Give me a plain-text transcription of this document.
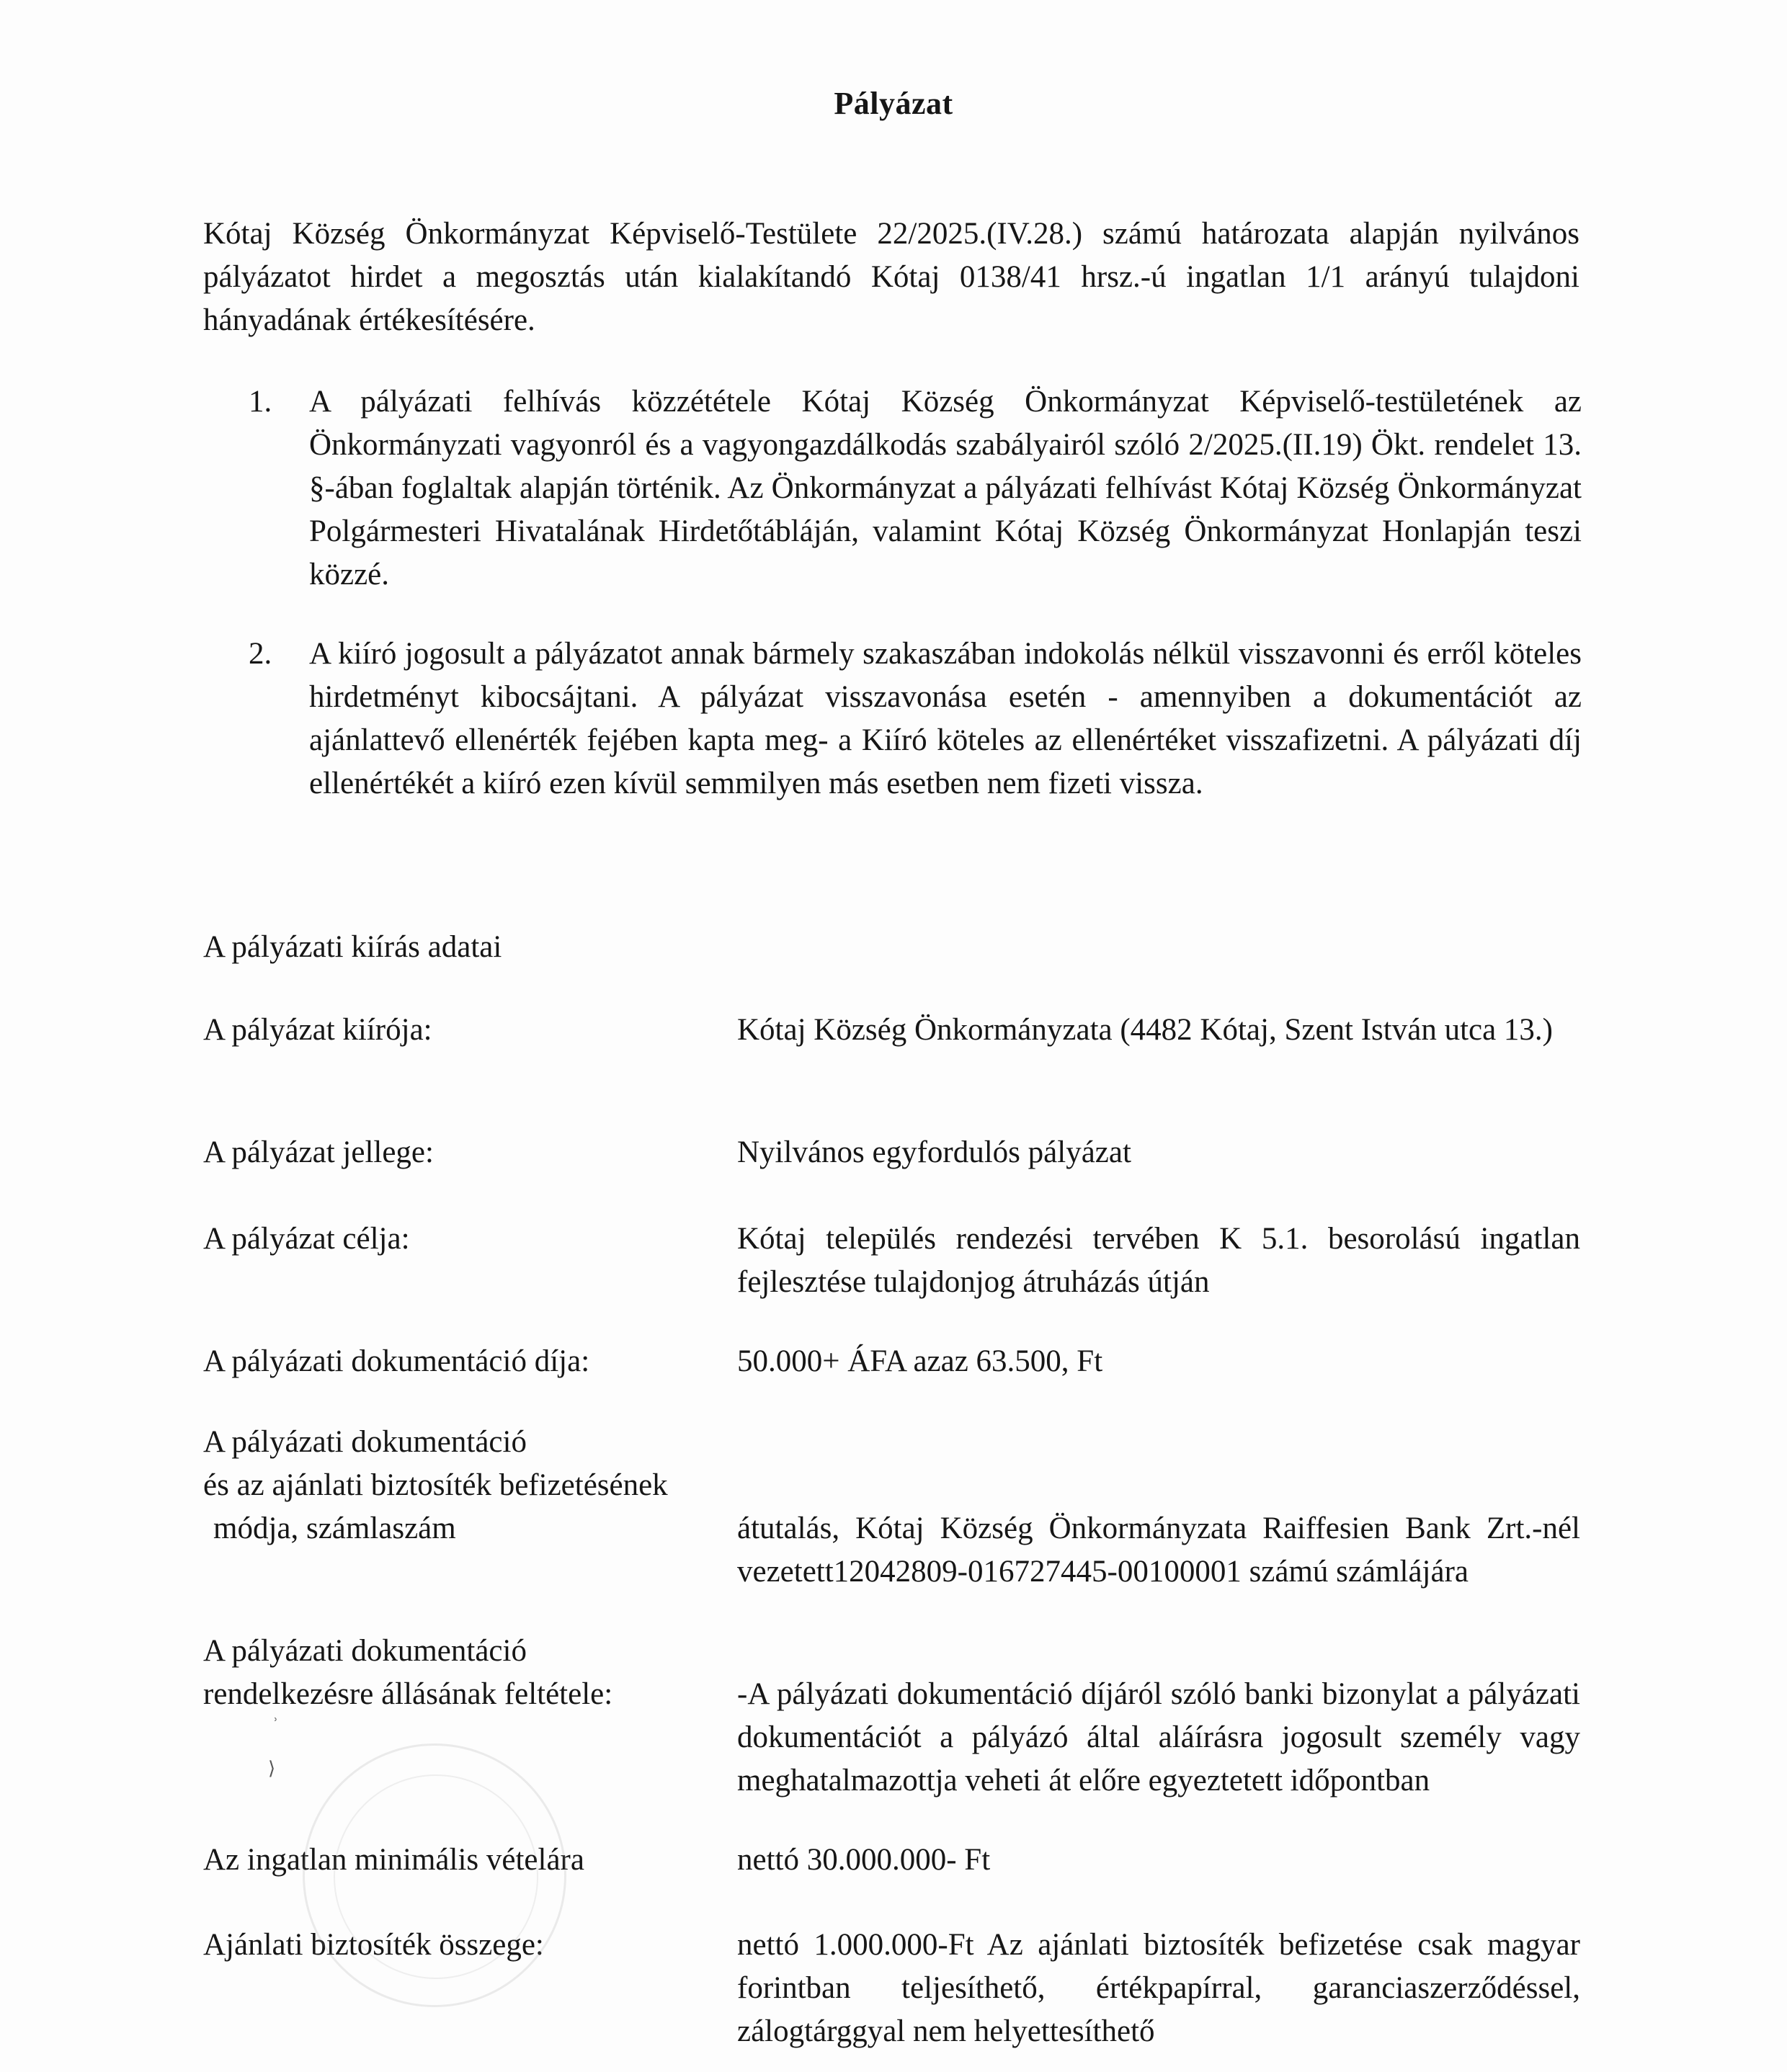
Pályázat
Kótaj Község Önkormányzat Képviselő-Testülete 22/2025.(IV.28.) számú határozata alapján nyilvános pályázatot hirdet a megosztás után kialakítandó Kótaj 0138/41 hrsz.-ú ingatlan 1/1 arányú tulajdoni hányadának értékesítésére.
1. A pályázati felhívás közzététele Kótaj Község Önkormányzat Képviselő-testületének az Önkormányzati vagyonról és a vagyongazdálkodás szabályairól szóló 2/2025.(II.19) Ökt. rendelet 13. §-ában foglaltak alapján történik. Az Önkormányzat a pályázati felhívást Kótaj Község Önkormányzat Polgármesteri Hivatalának Hirdetőtábláján, valamint Kótaj Község Önkormányzat Honlapján teszi közzé.
2. A kiíró jogosult a pályázatot annak bármely szakaszában indokolás nélkül visszavonni és erről köteles hirdetményt kibocsájtani. A pályázat visszavonása esetén - amennyiben a dokumentációt az ajánlattevő ellenérték fejében kapta meg- a Kiíró köteles az ellenértéket visszafizetni. A pályázati díj ellenértékét a kiíró ezen kívül semmilyen más esetben nem fizeti vissza.
A pályázati kiírás adatai
A pályázat kiírója:	Kótaj Község Önkormányzata (4482 Kótaj, Szent István utca 13.)
A pályázat jellege:	Nyilvános egyfordulós pályázat
A pályázat célja:	Kótaj település rendezési tervében K 5.1. besorolású ingatlan fejlesztése tulajdonjog átruházás útján
A pályázati dokumentáció díja:	50.000+ ÁFA azaz 63.500, Ft
A pályázati dokumentáció
és az ajánlati biztosíték befizetésének
módja, számlaszám	átutalás, Kótaj Község Önkormányzata Raiffesien Bank Zrt.-nél vezetett12042809-016727445-00100001 számú számlájára
A pályázati dokumentáció
rendelkezésre állásának feltétele:	-A pályázati dokumentáció díjáról szóló banki bizonylat a pályázati dokumentációt a pályázó által aláírásra jogosult személy vagy meghatalmazottja veheti át előre egyeztetett időpontban
Az ingatlan minimális vételára	nettó 30.000.000- Ft
Ajánlati biztosíték összege:	nettó 1.000.000-Ft Az ajánlati biztosíték befizetése csak magyar forintban teljesíthető, értékpapírral, garanciaszerződéssel, zálogtárggyal nem helyettesíthető
ʾ
⟩
